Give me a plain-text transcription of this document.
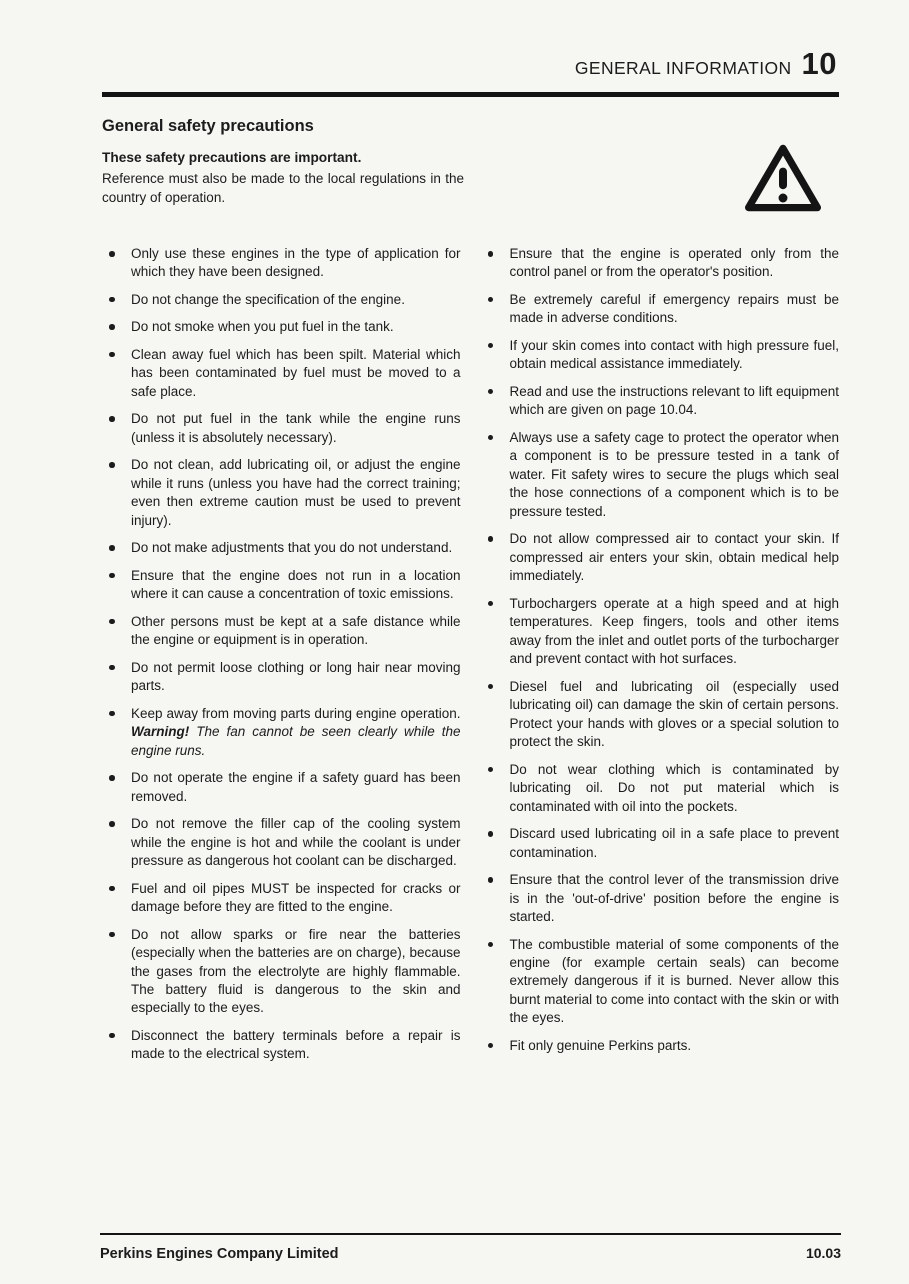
GENERAL INFORMATION 10
General safety precautions
These safety precautions are important.
Reference must also be made to the local regulations in the country of operation.
Only use these engines in the type of application for which they have been designed.
Do not change the specification of the engine.
Do not smoke when you put fuel in the tank.
Clean away fuel which has been spilt. Material which has been contaminated by fuel must be moved to a safe place.
Do not put fuel in the tank while the engine runs (unless it is absolutely necessary).
Do not clean, add lubricating oil, or adjust the engine while it runs (unless you have had the correct training; even then extreme caution must be used to prevent injury).
Do not make adjustments that you do not understand.
Ensure that the engine does not run in a location where it can cause a concentration of toxic emissions.
Other persons must be kept at a safe distance while the engine or equipment is in operation.
Do not permit loose clothing or long hair near moving parts.
Keep away from moving parts during engine operation. Warning! The fan cannot be seen clearly while the engine runs.
Do not operate the engine if a safety guard has been removed.
Do not remove the filler cap of the cooling system while the engine is hot and while the coolant is under pressure as dangerous hot coolant can be discharged.
Fuel and oil pipes MUST be inspected for cracks or damage before they are fitted to the engine.
Do not allow sparks or fire near the batteries (especially when the batteries are on charge), because the gases from the electrolyte are highly flammable. The battery fluid is dangerous to the skin and especially to the eyes.
Disconnect the battery terminals before a repair is made to the electrical system.
Ensure that the engine is operated only from the control panel or from the operator's position.
Be extremely careful if emergency repairs must be made in adverse conditions.
If your skin comes into contact with high pressure fuel, obtain medical assistance immediately.
Read and use the instructions relevant to lift equipment which are given on page 10.04.
Always use a safety cage to protect the operator when a component is to be pressure tested in a tank of water. Fit safety wires to secure the plugs which seal the hose connections of a component which is to be pressure tested.
Do not allow compressed air to contact your skin. If compressed air enters your skin, obtain medical help immediately.
Turbochargers operate at a high speed and at high temperatures. Keep fingers, tools and other items away from the inlet and outlet ports of the turbocharger and prevent contact with hot surfaces.
Diesel fuel and lubricating oil (especially used lubricating oil) can damage the skin of certain persons. Protect your hands with gloves or a special solution to protect the skin.
Do not wear clothing which is contaminated by lubricating oil. Do not put material which is contaminated with oil into the pockets.
Discard used lubricating oil in a safe place to prevent contamination.
Ensure that the control lever of the transmission drive is in the 'out-of-drive' position before the engine is started.
The combustible material of some components of the engine (for example certain seals) can become extremely dangerous if it is burned. Never allow this burnt material to come into contact with the skin or with the eyes.
Fit only genuine Perkins parts.
Perkins Engines Company Limited	10.03
